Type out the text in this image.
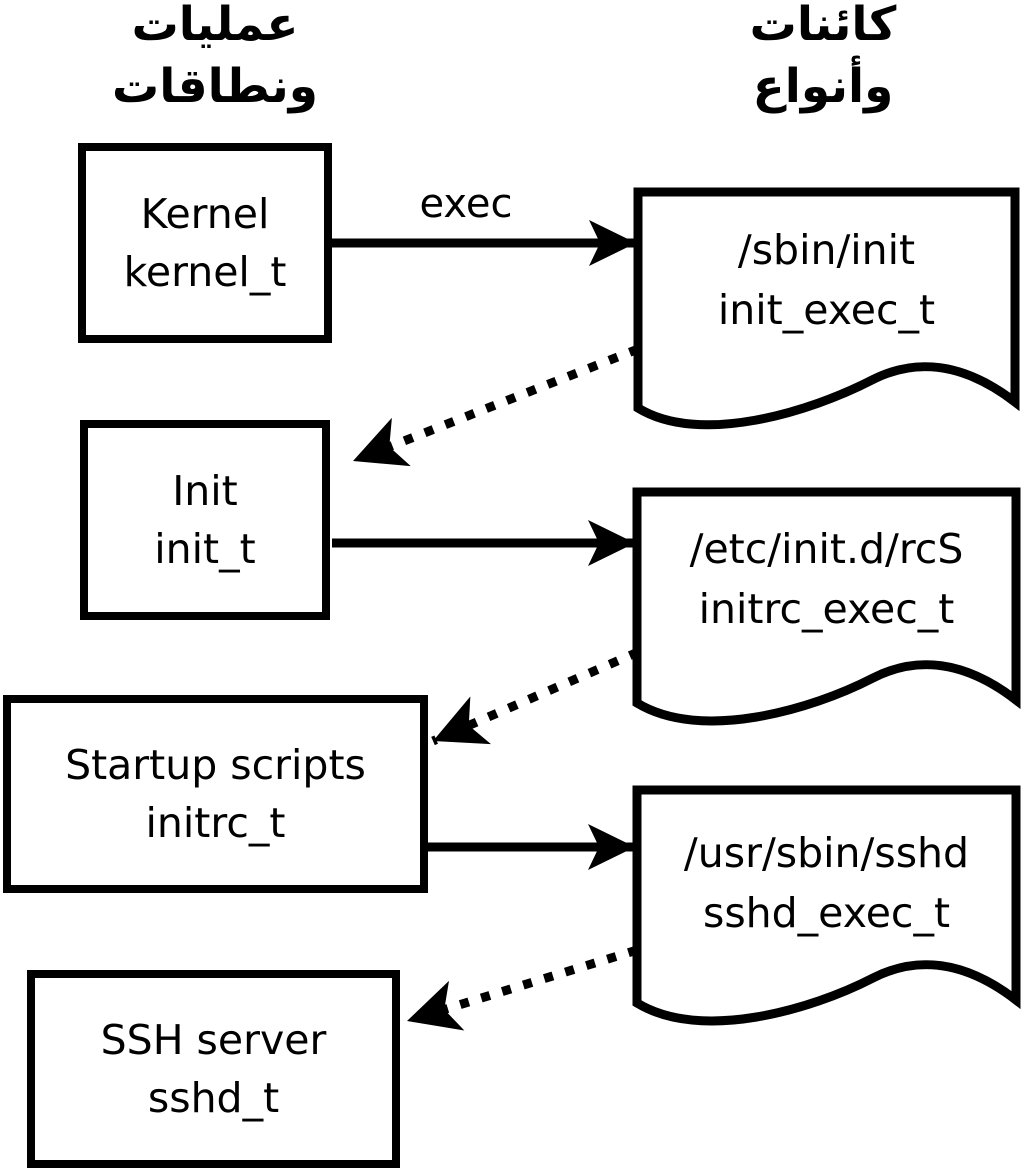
عمليات
ونطاقات
كائنات
وأنواع
Kernel
kernel_t
Init
init_t
Startup scripts
initrc_t
SSH server
sshd_t
/sbin/init
init_exec_t
/etc/init.d/rcS
initrc_exec_t
/usr/sbin/sshd
sshd_exec_t
exec
